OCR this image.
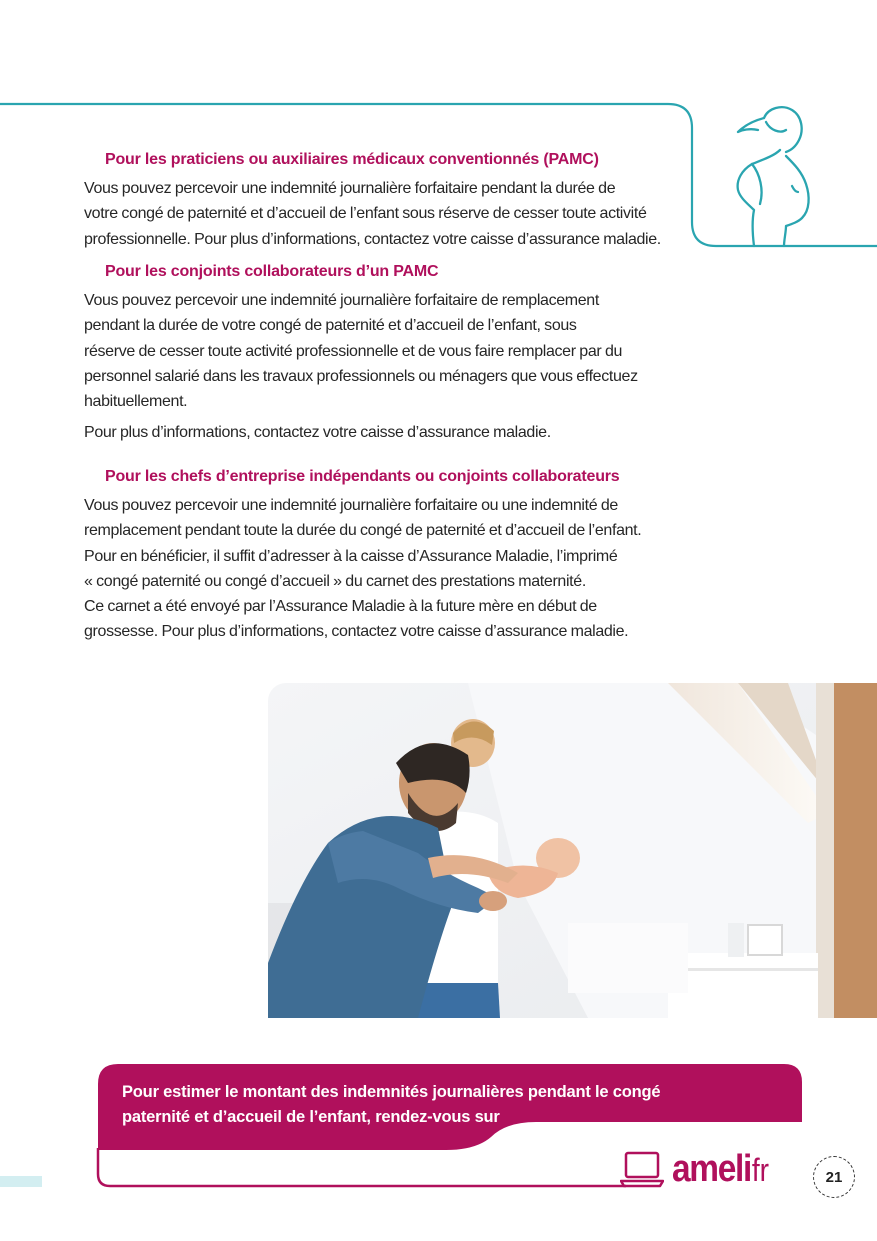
Pour les praticiens ou auxiliaires médicaux conventionnés (PAMC)
Vous pouvez percevoir une indemnité journalière forfaitaire pendant la durée de
votre congé de paternité et d’accueil de l’enfant sous réserve de cesser toute activité
professionnelle. Pour plus d’informations, contactez votre caisse d’assurance maladie.
Pour les conjoints collaborateurs d’un PAMC
Vous pouvez percevoir une indemnité journalière forfaitaire de remplacement
pendant la durée de votre congé de paternité et d’accueil de l’enfant, sous
réserve de cesser toute activité professionnelle et de vous faire remplacer par du
personnel salarié dans les travaux professionnels ou ménagers que vous effectuez
habituellement.
Pour plus d’informations, contactez votre caisse d’assurance maladie.
Pour les chefs d’entreprise indépendants ou conjoints collaborateurs
Vous pouvez percevoir une indemnité journalière forfaitaire ou une indemnité de
remplacement pendant toute la durée du congé de paternité et d’accueil de l’enfant.
Pour en bénéficier, il suffit d’adresser à la caisse d’Assurance Maladie, l’imprimé
« congé paternité ou congé d’accueil » du carnet des prestations maternité.
Ce carnet a été envoyé par l’Assurance Maladie à la future mère en début de
grossesse. Pour plus d’informations, contactez votre caisse d’assurance maladie.
Pour estimer le montant des indemnités journalières pendant le congé
paternité et d’accueil de l’enfant, rendez-vous sur
ameli
.fr	21
